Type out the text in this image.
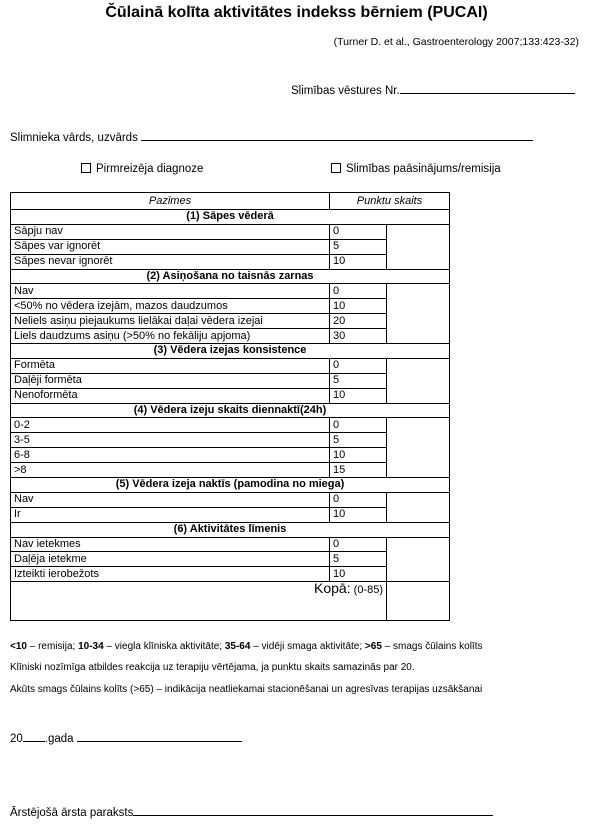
Čūlainā kolīta aktivitātes indekss bērniem (PUCAI)
(Turner D. et al., Gastroenterology 2007;133:423-32)
Slimības vēstures Nr.
Slimnieka vārds, uzvārds
Pirmreizēja diagnoze	Slimības paāsinājums/remisija
Pazīmes	Punktu skaits	
(1) Sāpes vēderā		
Sāpju nav	0	
Sāpes var ignorēt	5	
Sāpes nevar ignorēt	10	
(2) Asiņošana no taisnās zarnas		
Nav	0	
<50% no vēdera izejām, mazos daudzumos	10	
Neliels asiņu piejaukums lielākai daļai vēdera izejai	20	
Liels daudzums asiņu (>50% no fekāliju apjoma)	30	
(3) Vēdera izejas konsistence		
Formēta	0	
Daļēji formēta	5	
Nenoformēta	10	
(4) Vēdera izeju skaits diennaktī(24h)		
0-2	0	
3-5	5	
6-8	10	
>8	15	
(5) Vēdera izeja naktīs (pamodina no miega)		
Nav	0	
Ir	10	
(6) Aktivitātes līmenis		
Nav ietekmes	0	
Daļēja ietekme	5	
Izteikti ierobežots	10	
Kopā: (0-85)		
<10 – remisija; 10-34 – viegla klīniska aktivitāte; 35-64 – vidēji smaga aktivitāte; >65 – smags čūlains kolīts
Klīniski nozīmīga atbildes reakcija uz terapiju vērtējama, ja punktu skaits samazinās par 20.
Akūts smags čūlains kolīts (>65) – indikācija neatliekamai stacionēšanai un agresīvas terapijas uzsākšanai
20 .gada
Ārstējošā ārsta paraksts
